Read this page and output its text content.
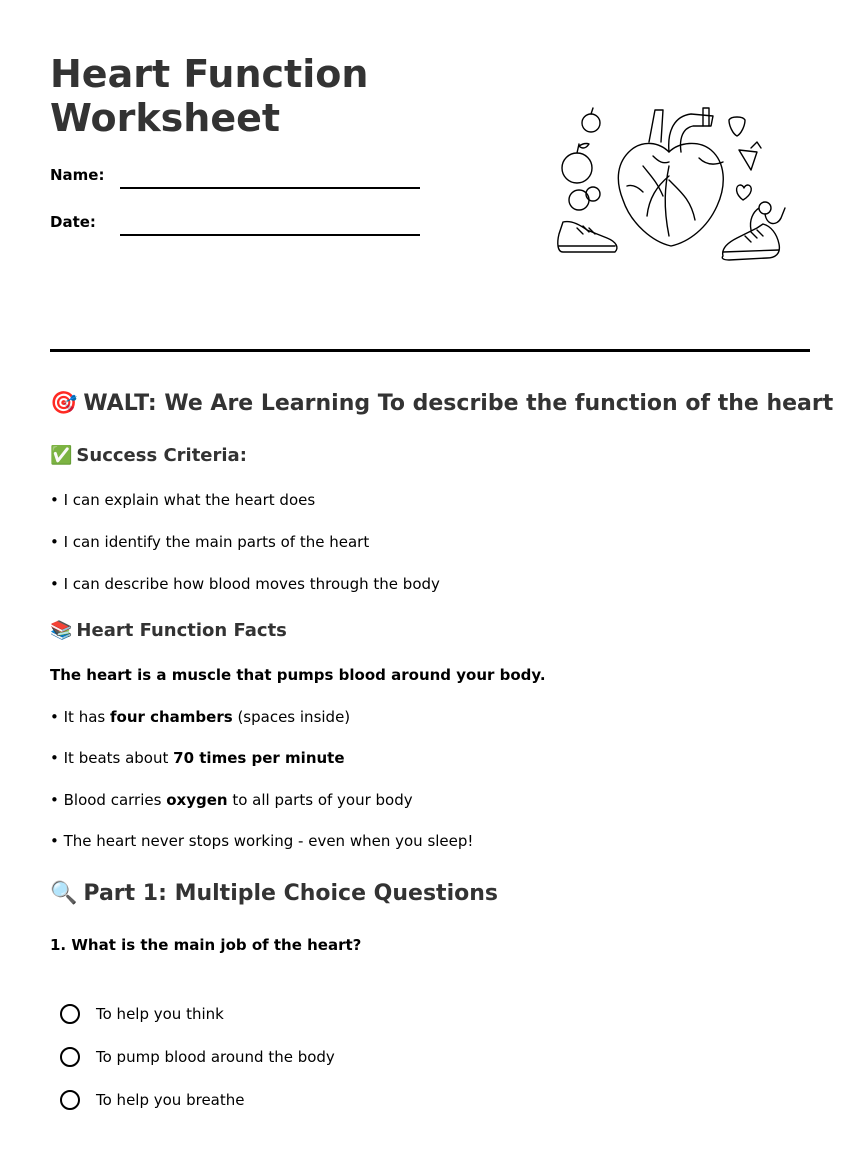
Heart Function
Worksheet
Name:
Date:
🎯 WALT: We Are Learning To describe the function of the heart
✅ Success Criteria:
• I can explain what the heart does
• I can identify the main parts of the heart
• I can describe how blood moves through the body
📚 Heart Function Facts
The heart is a muscle that pumps blood around your body.
• It has four chambers (spaces inside)
• It beats about 70 times per minute
• Blood carries oxygen to all parts of your body
• The heart never stops working - even when you sleep!
🔍 Part 1: Multiple Choice Questions
1. What is the main job of the heart?
To help you think
To pump blood around the body
To help you breathe
